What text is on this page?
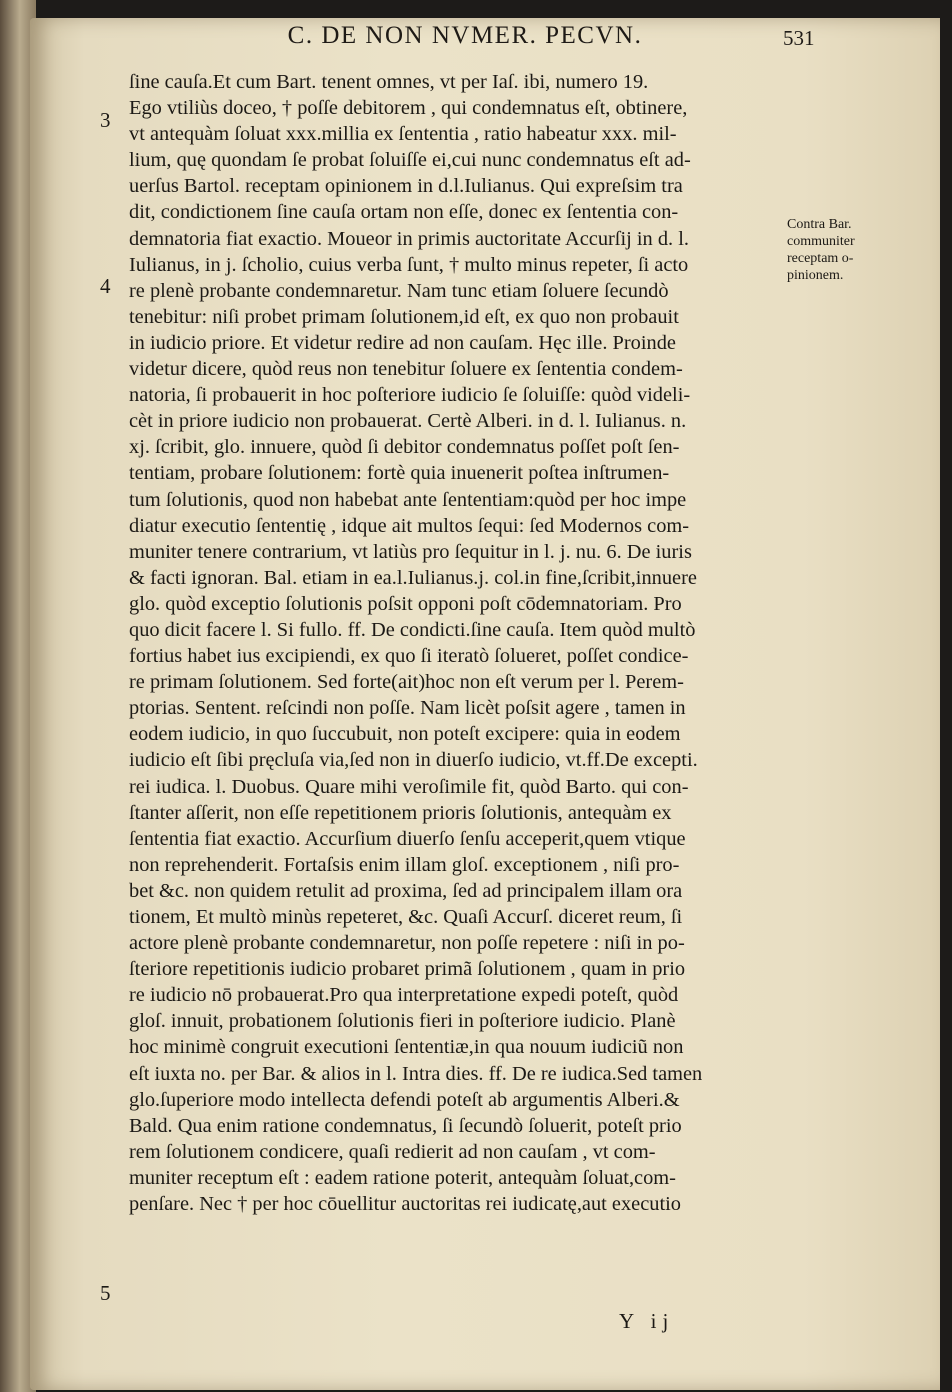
C. DE NON NVMER. PECVN.	531
3
4
5
Contra Bar.
communiter
receptam o-
pinionem.
ſine cauſa.Et cum Bart. tenent omnes, vt per Iaſ. ibi, numero 19.
Ego vtiliùs doceo, † poſſe debitorem , qui condemnatus eſt, obtinere,
vt antequàm ſoluat xxx.millia ex ſententia , ratio habeatur xxx. mil-
lium, quę quondam ſe probat ſoluiſſe ei,cui nunc condemnatus eſt ad-
uerſus Bartol. receptam opinionem in d.l.Iulianus. Qui expreſsim tra
dit, condictionem ſine cauſa ortam non eſſe, donec ex ſententia con-
demnatoria fiat exactio. Moueor in primis auctoritate Accurſij in d. l.
Iulianus, in j. ſcholio, cuius verba ſunt, † multo minus repeter, ſi acto
re plenè probante condemnaretur. Nam tunc etiam ſoluere ſecundò
tenebitur: niſi probet primam ſolutionem,id eſt, ex quo non probauit
in iudicio priore. Et videtur redire ad non cauſam. Hęc ille. Proinde
videtur dicere, quòd reus non tenebitur ſoluere ex ſententia condem-
natoria, ſi probauerit in hoc poſteriore iudicio ſe ſoluiſſe: quòd videli-
cèt in priore iudicio non probauerat. Certè Alberi. in d. l. Iulianus. n.
xj. ſcribit, glo. innuere, quòd ſi debitor condemnatus poſſet poſt ſen-
tentiam, probare ſolutionem: fortè quia inuenerit poſtea inſtrumen-
tum ſolutionis, quod non habebat ante ſententiam:quòd per hoc impe
diatur executio ſententię , idque ait multos ſequi: ſed Modernos com-
muniter tenere contrarium, vt latiùs pro ſequitur in l. j. nu. 6. De iuris
& facti ignoran. Bal. etiam in ea.l.Iulianus.j. col.in fine,ſcribit,innuere
glo. quòd exceptio ſolutionis poſsit opponi poſt cōdemnatoriam. Pro
quo dicit facere l. Si fullo. ff. De condicti.ſine cauſa. Item quòd multò
fortius habet ius excipiendi, ex quo ſi iteratò ſolueret, poſſet condice-
re primam ſolutionem. Sed forte(ait)hoc non eſt verum per l. Perem-
ptorias. Sentent. reſcindi non poſſe. Nam licèt poſsit agere , tamen in
eodem iudicio, in quo ſuccubuit, non poteſt excipere: quia in eodem
iudicio eſt ſibi pręcluſa via,ſed non in diuerſo iudicio, vt.ff.De excepti.
rei iudica. l. Duobus. Quare mihi veroſimile fit, quòd Barto. qui con-
ſtanter aſſerit, non eſſe repetitionem prioris ſolutionis, antequàm ex
ſententia fiat exactio. Accurſium diuerſo ſenſu acceperit,quem vtique
non reprehenderit. Fortaſsis enim illam gloſ. exceptionem , niſi pro-
bet &c. non quidem retulit ad proxima, ſed ad principalem illam ora
tionem, Et multò minùs repeteret, &c. Quaſi Accurſ. diceret reum, ſi
actore plenè probante condemnaretur, non poſſe repetere : niſi in po-
ſteriore repetitionis iudicio probaret primã ſolutionem , quam in prio
re iudicio nō probauerat.Pro qua interpretatione expedi poteſt, quòd
gloſ. innuit, probationem ſolutionis fieri in poſteriore iudicio. Planè
hoc minimè congruit executioni ſententiæ,in qua nouum iudiciũ non
eſt iuxta no. per Bar. & alios in l. Intra dies. ff. De re iudica.Sed tamen
glo.ſuperiore modo intellecta defendi poteſt ab argumentis Alberi.&
Bald. Qua enim ratione condemnatus, ſi ſecundò ſoluerit, poteſt prio
rem ſolutionem condicere, quaſi redierit ad non cauſam , vt com-
muniter receptum eſt : eadem ratione poterit, antequàm ſoluat,com-
penſare. Nec † per hoc cōuellitur auctoritas rei iudicatę,aut executio
Y ij
